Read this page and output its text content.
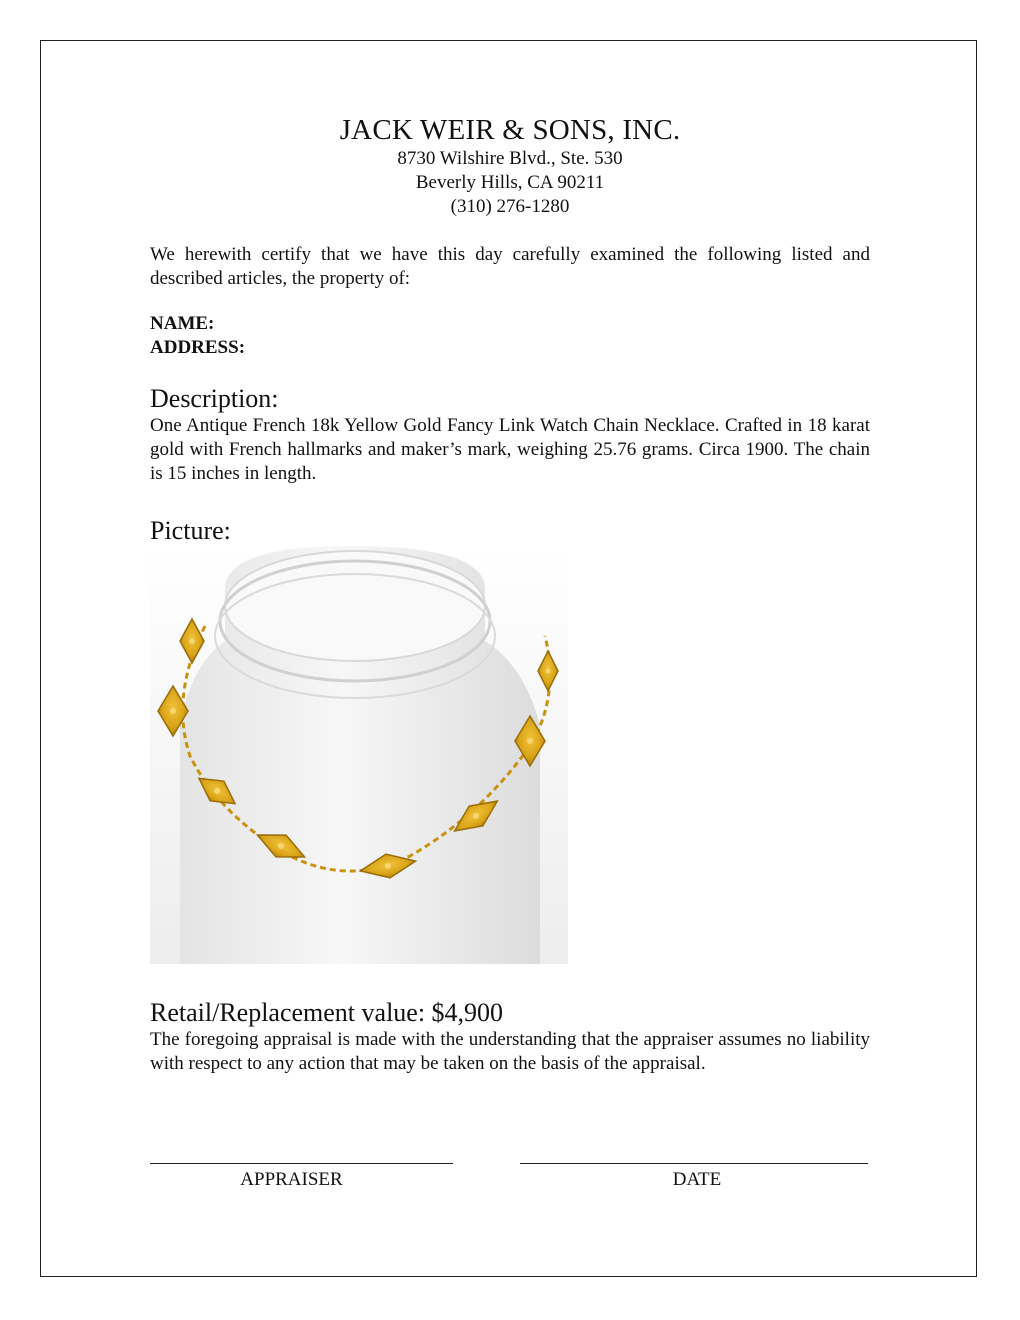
JACK WEIR & SONS, INC.
8730 Wilshire Blvd., Ste. 530
Beverly Hills, CA 90211
(310) 276-1280
We herewith certify that we have this day carefully examined the following listed and described articles, the property of:
NAME:
ADDRESS:
Description:
One Antique French 18k Yellow Gold Fancy Link Watch Chain Necklace. Crafted in 18 karat gold with French hallmarks and maker’s mark, weighing 25.76 grams. Circa 1900. The chain is 15 inches in length.
Picture:
Retail/Replacement value: $4,900
The foregoing appraisal is made with the understanding that the appraiser assumes no liability with respect to any action that may be taken on the basis of the appraisal.
APPRAISER	DATE
